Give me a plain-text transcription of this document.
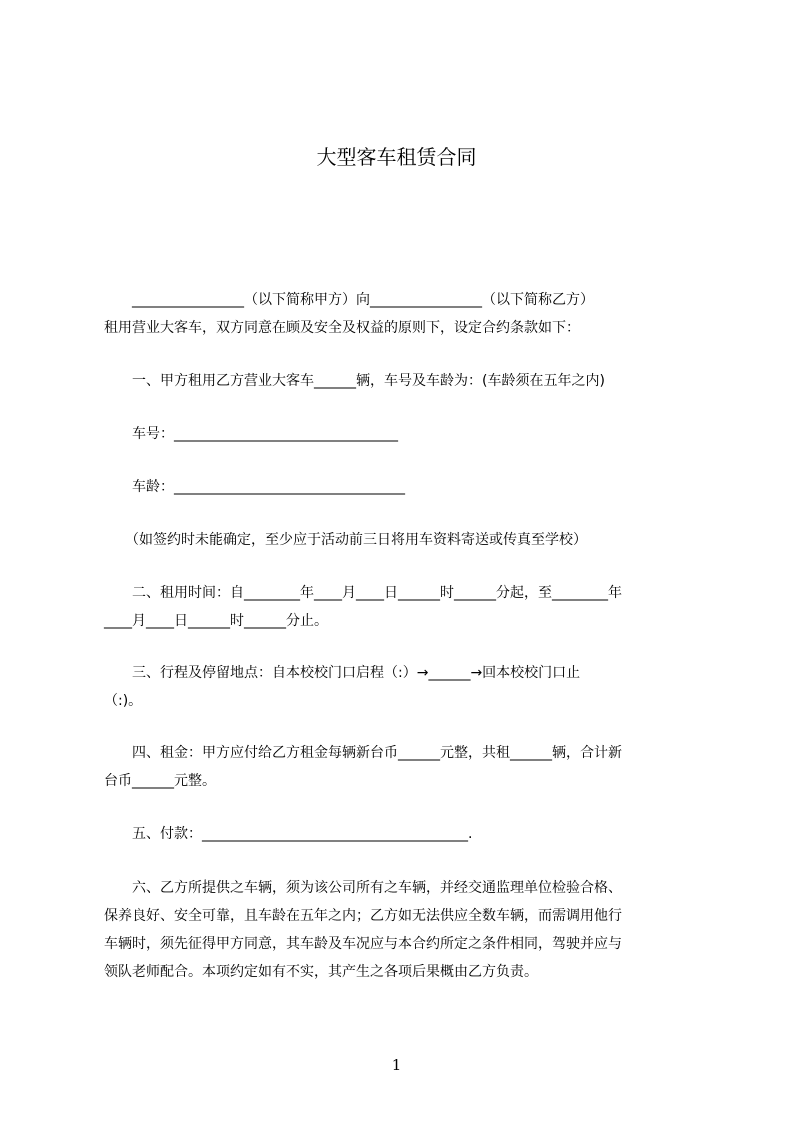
大型客车租赁合同
　　________________（以下简称甲方）向________________（以下简称乙方）
租用营业大客车，双方同意在顾及安全及权益的原则下，设定合约条款如下：
　　一、甲方租用乙方营业大客车______辆，车号及车龄为：(车龄须在五年之内)
　　车号：________________________________
　　车龄：_________________________________
　　（如签约时未能确定，至少应于活动前三日将用车资料寄送或传真至学校）
　　二、租用时间：自________年____月____日______时______分起，至________年
____月____日______时______分止。
　　三、行程及停留地点：自本校校门口启程（:）→______→回本校校门口止
（:)。
　　四、租金：甲方应付给乙方租金每辆新台币______元整，共租______辆，合计新
台币______元整。
　　五、付款：______________________________________.
　　六、乙方所提供之车辆，须为该公司所有之车辆，并经交通监理单位检验合格、
保养良好、安全可靠，且车龄在五年之内；乙方如无法供应全数车辆，而需调用他行
车辆时，须先征得甲方同意，其车龄及车况应与本合约所定之条件相同，驾驶并应与
领队老师配合。本项约定如有不实，其产生之各项后果概由乙方负责。
1
